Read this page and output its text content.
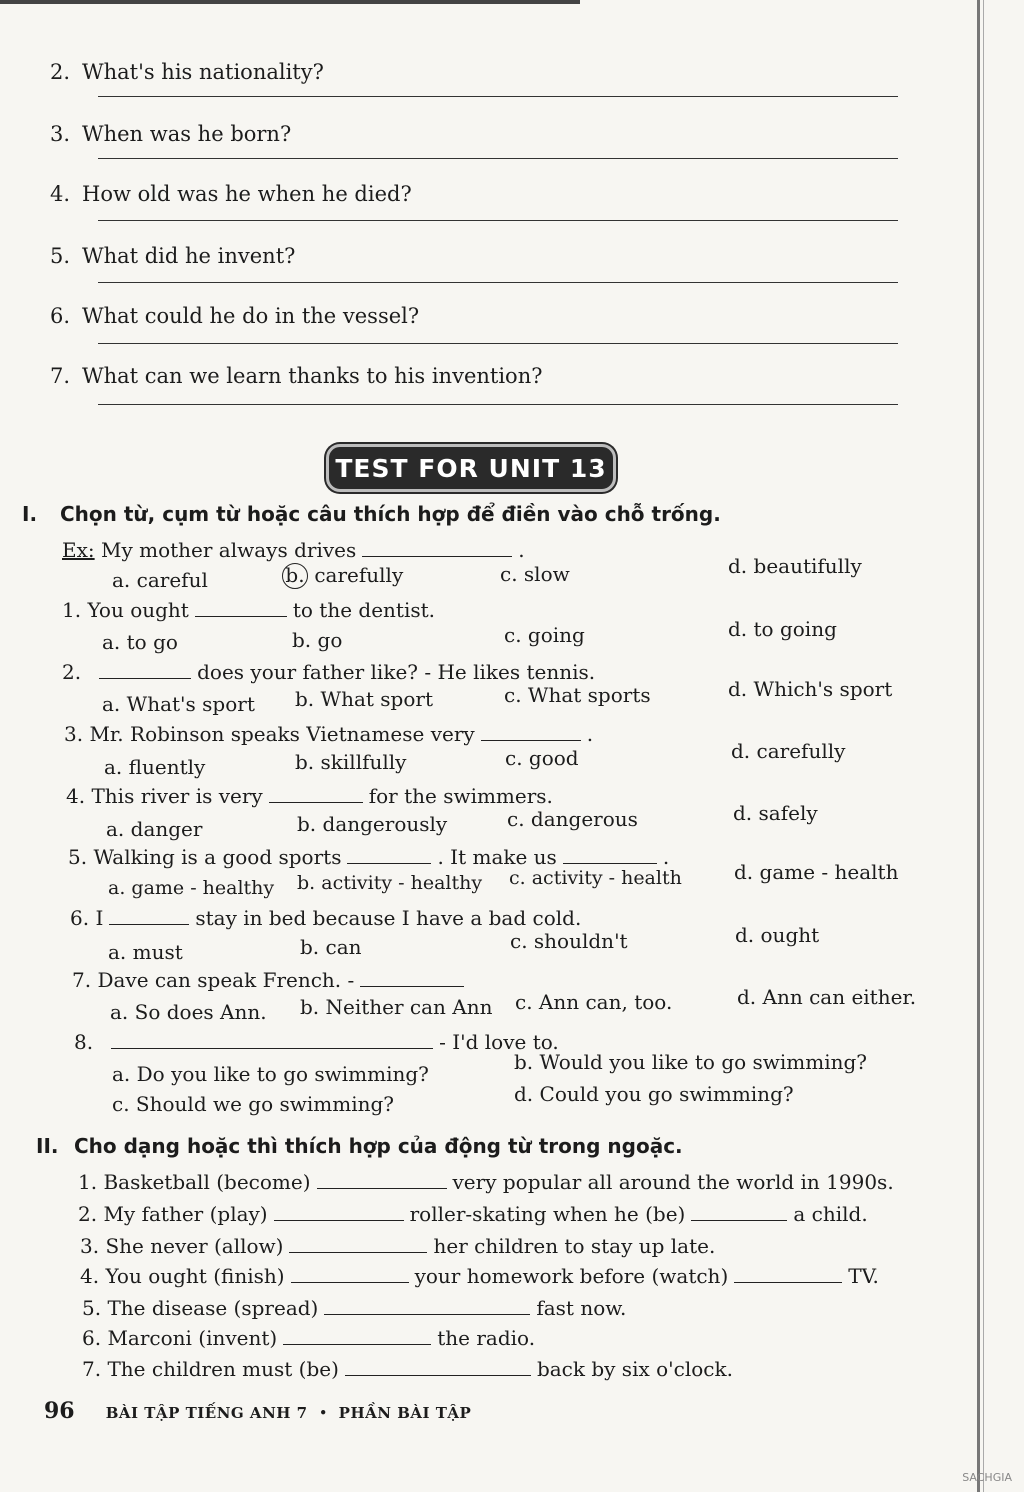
2. What's his nationality?
3. When was he born?
4. How old was he when he died?
5. What did he invent?
6. What could he do in the vessel?
7. What can we learn thanks to his invention?
TEST FOR UNIT 13
I. Chọn từ, cụm từ hoặc câu thích hợp để điền vào chỗ trống.
Ex: My mother always drives	.
a. careful	b. carefully	c. slow	d. beautifully
1. You ought	to the dentist.
a. to go	b. go	c. going	d. to going
2.	does your father like? - He likes tennis.
a. What's sport b. What sport	c. What sports	d. Which's sport
3. Mr. Robinson speaks Vietnamese very	.
a. fluently	b. skillfully	c. good	d. carefully
4. This river is very	for the swimmers.
a. danger	b. dangerously	c. dangerous	d. safely
5. Walking is a good sports	. It make us	.
a. game - healthy b. activity - healthy c. activity - health	d. game - health
6. I	stay in bed because I have a bad cold.
a. must	b. can	c. shouldn't	d. ought
7. Dave can speak French. -
a. So does Ann. b. Neither can Ann c. Ann can, too.	d. Ann can either.
8.	- I'd love to.
a. Do you like to go swimming?	b. Would you like to go swimming?
c. Should we go swimming?	d. Could you go swimming?
II. Cho dạng hoặc thì thích hợp của động từ trong ngoặc.
1. Basketball (become)	very popular all around the world in 1990s.
2. My father (play)	roller-skating when he (be)	a child.
3. She never (allow)	her children to stay up late.
4. You ought (finish)	your homework before (watch)	TV.
5. The disease (spread)	fast now.
6. Marconi (invent)	the radio.
7. The children must (be)	back by six o'clock.
96 BÀI TẬP TIẾNG ANH 7 • PHẦN BÀI TẬP
SACHGIA
